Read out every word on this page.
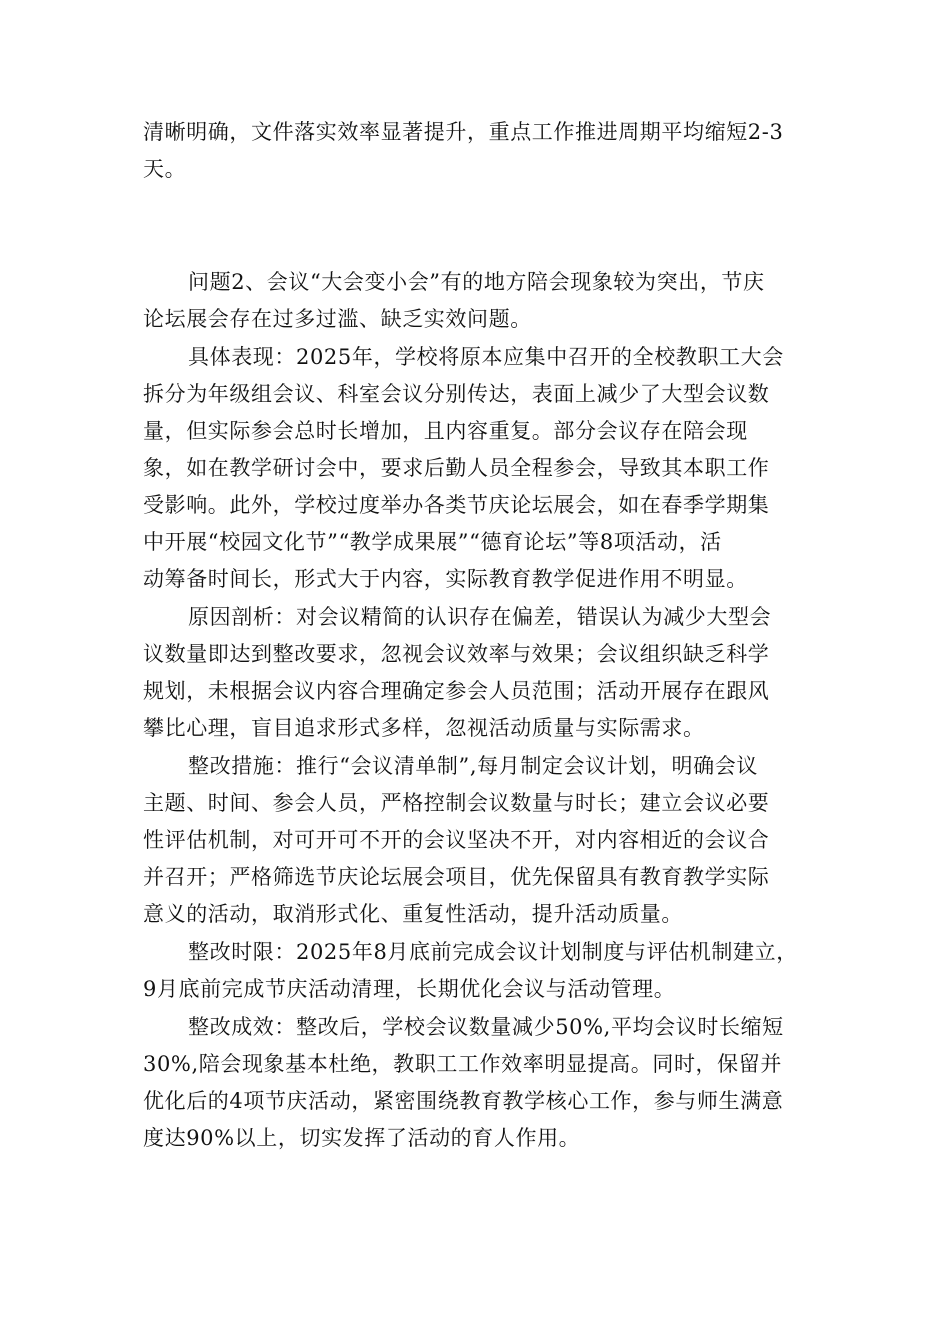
清晰明确，文件落实效率显著提升，重点工作推进周期平均缩短2-3
天。
问题2、会议“大会变小会”有的地方陪会现象较为突出，节庆
论坛展会存在过多过滥、缺乏实效问题。
具体表现：2025年，学校将原本应集中召开的全校教职工大会
拆分为年级组会议、科室会议分别传达，表面上减少了大型会议数
量，但实际参会总时长增加，且内容重复。部分会议存在陪会现
象，如在教学研讨会中，要求后勤人员全程参会，导致其本职工作
受影响。此外，学校过度举办各类节庆论坛展会，如在春季学期集
中开展“校园文化节”“教学成果展”“德育论坛”等8项活动，活
动筹备时间长，形式大于内容，实际教育教学促进作用不明显。
原因剖析：对会议精简的认识存在偏差，错误认为减少大型会
议数量即达到整改要求，忽视会议效率与效果；会议组织缺乏科学
规划，未根据会议内容合理确定参会人员范围；活动开展存在跟风
攀比心理，盲目追求形式多样，忽视活动质量与实际需求。
整改措施：推行“会议清单制”,每月制定会议计划，明确会议
主题、时间、参会人员，严格控制会议数量与时长；建立会议必要
性评估机制，对可开可不开的会议坚决不开，对内容相近的会议合
并召开；严格筛选节庆论坛展会项目，优先保留具有教育教学实际
意义的活动，取消形式化、重复性活动，提升活动质量。
整改时限：2025年8月底前完成会议计划制度与评估机制建立，
9月底前完成节庆活动清理，长期优化会议与活动管理。
整改成效：整改后，学校会议数量减少50%,平均会议时长缩短
30%,陪会现象基本杜绝，教职工工作效率明显提高。同时，保留并
优化后的4项节庆活动，紧密围绕教育教学核心工作，参与师生满意
度达90%以上，切实发挥了活动的育人作用。
